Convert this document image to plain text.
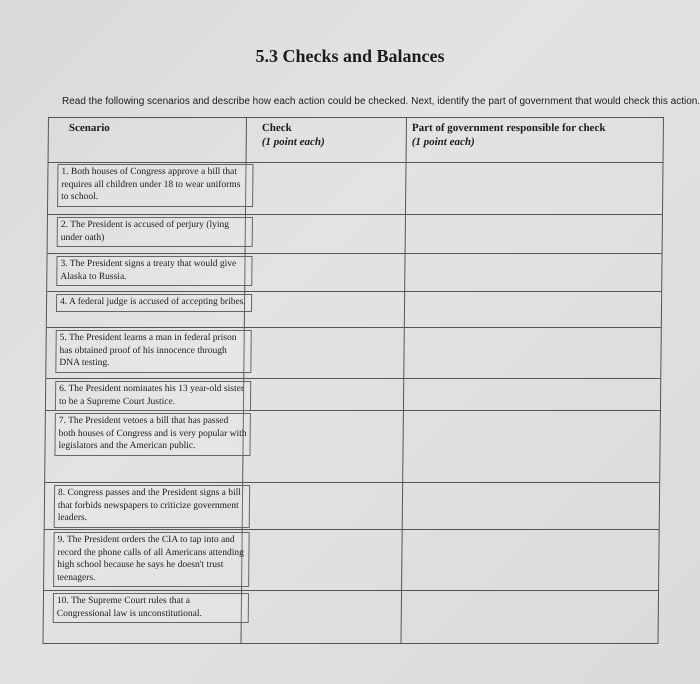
5.3 Checks and Balances
Read the following scenarios and describe how each action could be checked. Next, identify the part of government that would check this action.
Scenario	Check
(1 point each)
Part of government responsible for check
(1 point each)
1. Both houses of Congress approve a bill that requires all children under 18 to wear uniforms to school.
2. The President is accused of perjury (lying under oath)
3. The President signs a treaty that would give Alaska to Russia.
4. A federal judge is accused of accepting bribes.
5. The President learns a man in federal prison has obtained proof of his innocence through DNA testing.
6. The President nominates his 13 year-old sister to be a Supreme Court Justice.
7. The President vetoes a bill that has passed both houses of Congress and is very popular with legislators and the American public.
8. Congress passes and the President signs a bill that forbids newspapers to criticize government leaders.
9. The President orders the CIA to tap into and record the phone calls of all Americans attending high school because he says he doesn't trust teenagers.
10. The Supreme Court rules that a Congressional law is unconstitutional.
